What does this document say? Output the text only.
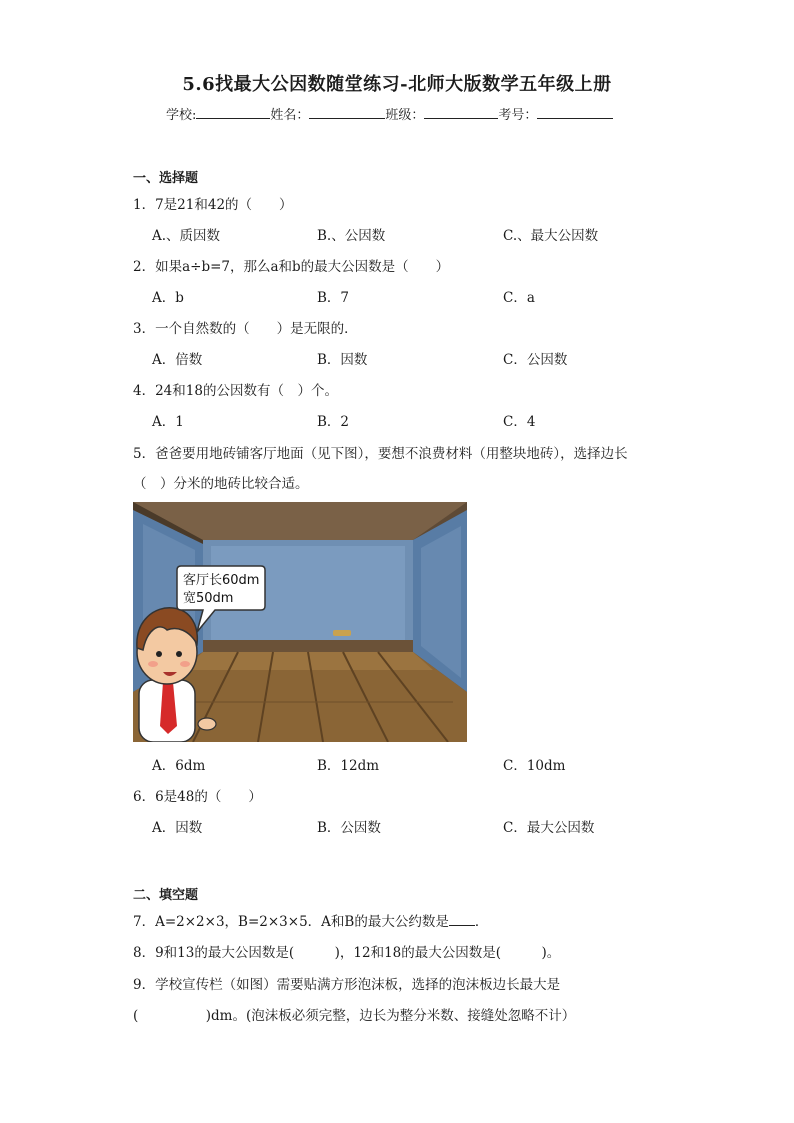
5.6找最大公因数随堂练习-北师大版数学五年级上册
学校:	姓名：	班级：	考号：
一、选择题
1．7是21和42的（　　）
A.、质因数	B.、公因数	C.、最大公因数
2．如果a÷b=7，那么a和b的最大公因数是（　　）
A．b	B．7	C．a
3．一个自然数的（　　）是无限的．
A．倍数	B．因数	C．公因数
4．24和18的公因数有（　）个。
A．1	B．2	C．4
5．爸爸要用地砖铺客厅地面（见下图），要想不浪费材料（用整块地砖），选择边长
（　）分米的地砖比较合适。
客厅长60dm
宽50dm
A．6dm	B．12dm	C．10dm
6．6是48的（　　）
A．因数	B．公因数	C．最大公因数
二、填空题
7．A=2×2×3，B=2×3×5．A和B的最大公约数是 ．
8．9和13的最大公因数是(　　　)，12和18的最大公因数是(　　　)。
9．学校宣传栏（如图）需要贴满方形泡沫板，选择的泡沫板边长最大是
(　　　　　)dm。(泡沫板必须完整，边长为整分米数、接缝处忽略不计）
